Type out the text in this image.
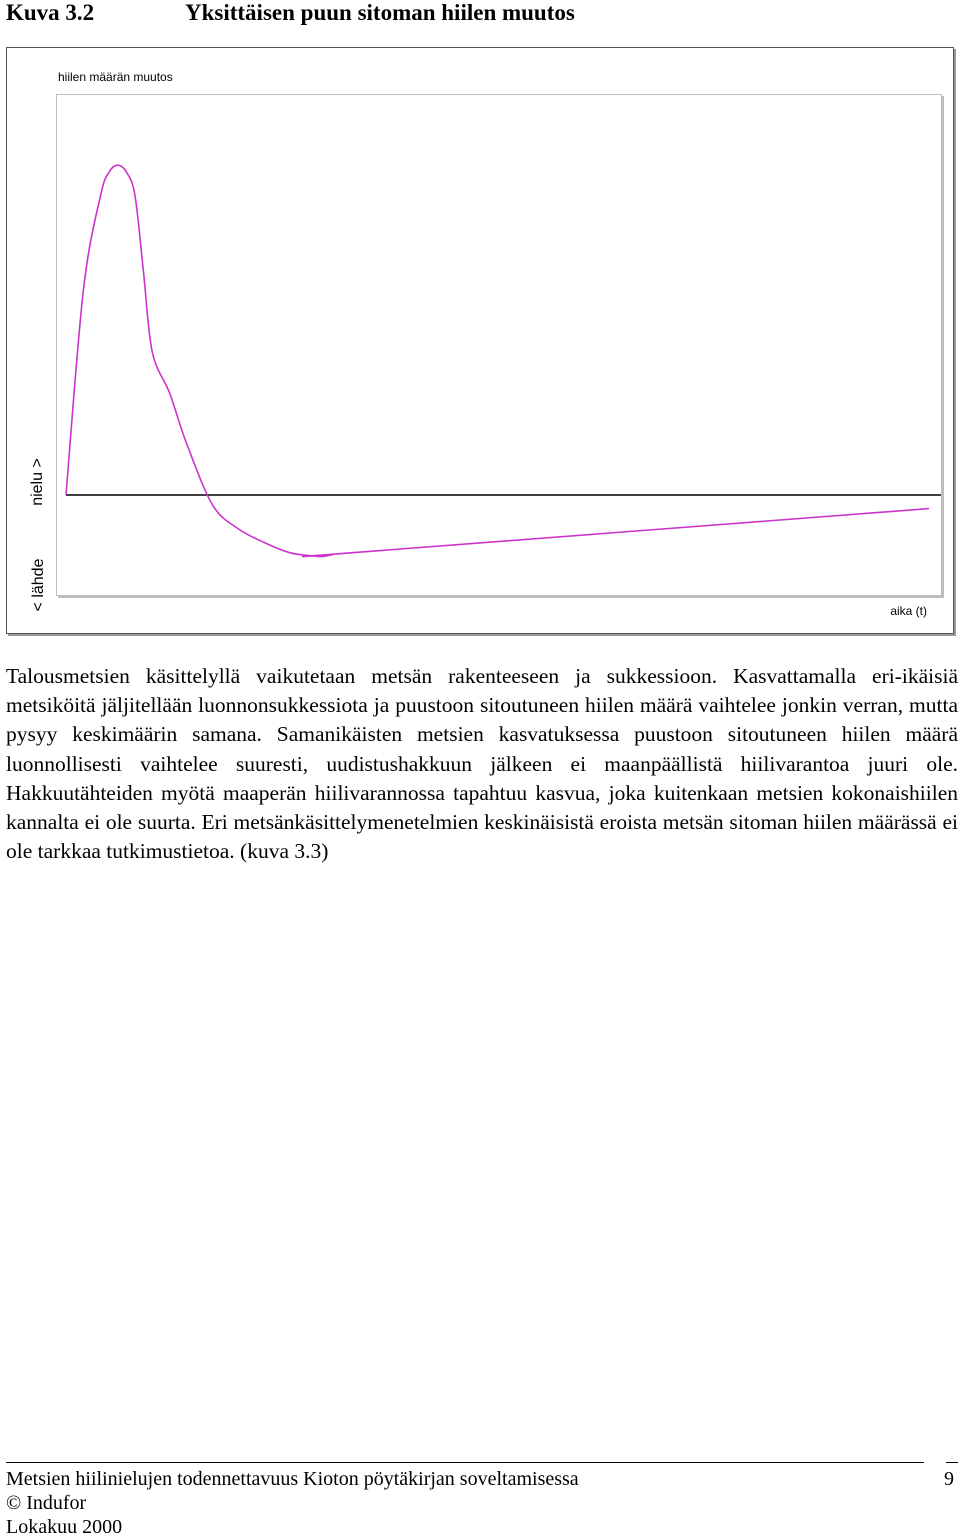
Kuva 3.2	Yksittäisen puun sitoman hiilen muutos
hiilen määrän muutos
nielu >
< lähde	aika (t)
Talousmetsien käsittelyllä vaikutetaan metsän rakenteeseen ja sukkessioon. Kasvattamalla eri-ikäisiä metsiköitä jäljitellään luonnonsukkessiota ja puustoon sitoutuneen hiilen määrä vaihtelee jonkin verran, mutta pysyy keskimäärin samana. Samanikäisten metsien kasvatuksessa puustoon sitoutuneen hiilen määrä luonnollisesti vaihtelee suuresti, uudistushakkuun jälkeen ei maanpäällistä hiilivarantoa juuri ole. Hakkuutähteiden myötä maaperän hiilivarannossa tapahtuu kasvua, joka kuitenkaan metsien kokonaishiilen kannalta ei ole suurta. Eri metsänkäsittelymenetelmien keskinäisistä eroista metsän sitoman hiilen määrässä ei ole tarkkaa tutkimustietoa. (kuva 3.3)
Metsien hiilinielujen todennettavuus Kioton pöytäkirjan soveltamisessa
© Indufor
Lokakuu 2000
9
